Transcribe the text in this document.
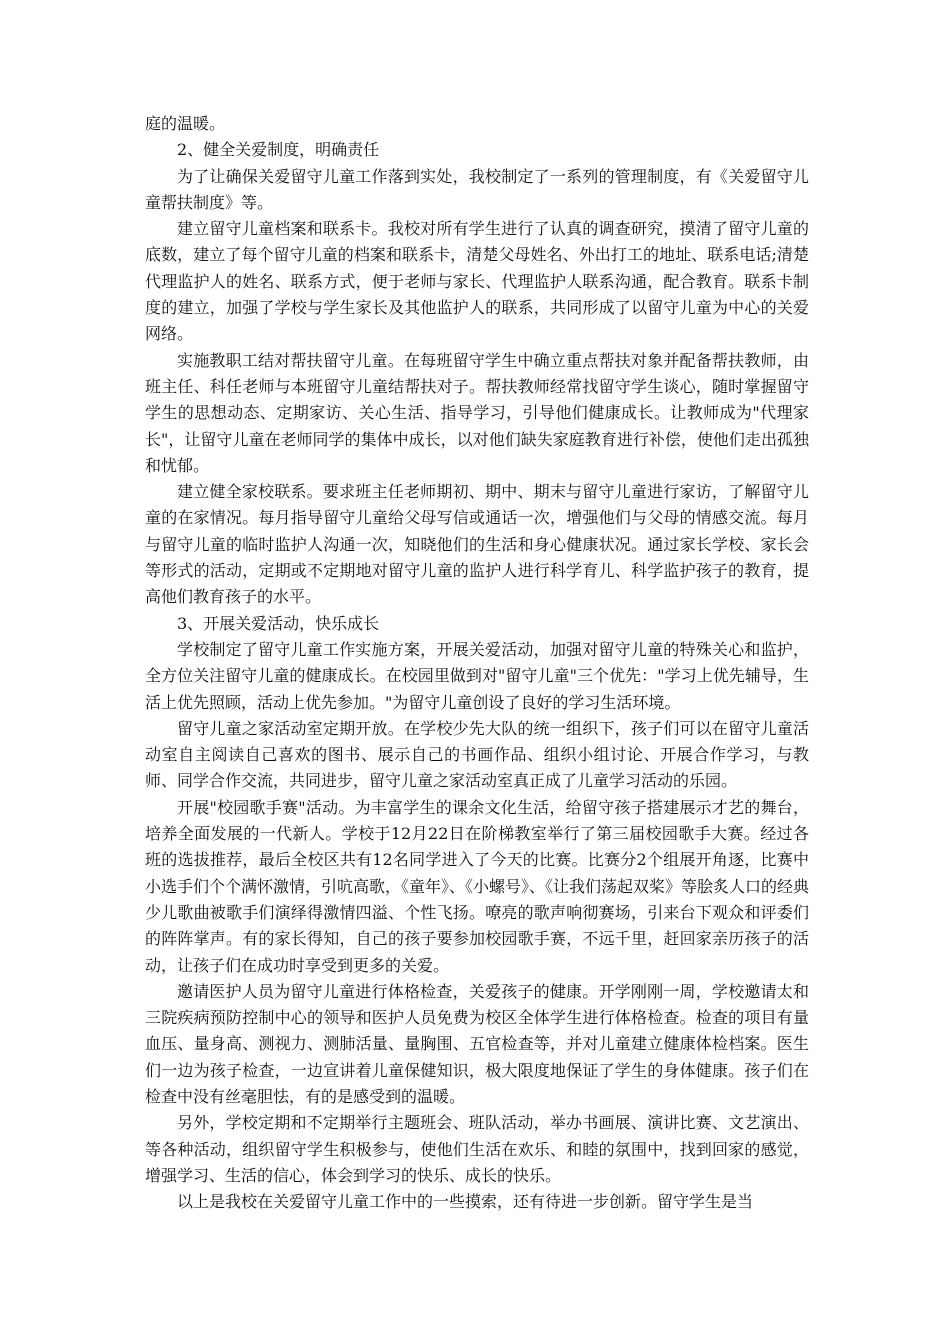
庭的温暖。

2、健全关爱制度，明确责任

为了让确保关爱留守儿童工作落到实处，我校制定了一系列的管理制度，有《关爱留守儿童帮扶制度》等。

建立留守儿童档案和联系卡。我校对所有学生进行了认真的调查研究，摸清了留守儿童的底数，建立了每个留守儿童的档案和联系卡，清楚父母姓名、外出打工的地址、联系电话;清楚代理监护人的姓名、联系方式，便于老师与家长、代理监护人联系沟通，配合教育。联系卡制度的建立，加强了学校与学生家长及其他监护人的联系，共同形成了以留守儿童为中心的关爱网络。

实施教职工结对帮扶留守儿童。在每班留守学生中确立重点帮扶对象并配备帮扶教师，由班主任、科任老师与本班留守儿童结帮扶对子。帮扶教师经常找留守学生谈心，随时掌握留守学生的思想动态、定期家访、关心生活、指导学习，引导他们健康成长。让教师成为"代理家长"，让留守儿童在老师同学的集体中成长，以对他们缺失家庭教育进行补偿，使他们走出孤独和忧郁。

建立健全家校联系。要求班主任老师期初、期中、期末与留守儿童进行家访，了解留守儿童的在家情况。每月指导留守儿童给父母写信或通话一次，增强他们与父母的情感交流。每月与留守儿童的临时监护人沟通一次，知晓他们的生活和身心健康状况。通过家长学校、家长会等形式的活动，定期或不定期地对留守儿童的监护人进行科学育儿、科学监护孩子的教育，提高他们教育孩子的水平。

3、开展关爱活动，快乐成长

学校制定了留守儿童工作实施方案，开展关爱活动，加强对留守儿童的特殊关心和监护，全方位关注留守儿童的健康成长。在校园里做到对"留守儿童"三个优先："学习上优先辅导，生活上优先照顾，活动上优先参加。"为留守儿童创设了良好的学习生活环境。

留守儿童之家活动室定期开放。在学校少先大队的统一组织下，孩子们可以在留守儿童活动室自主阅读自己喜欢的图书、展示自己的书画作品、组织小组讨论、开展合作学习，与教师、同学合作交流，共同进步，留守儿童之家活动室真正成了儿童学习活动的乐园。

开展"校园歌手赛"活动。为丰富学生的课余文化生活，给留守孩子搭建展示才艺的舞台，培养全面发展的一代新人。学校于12月22日在阶梯教室举行了第三届校园歌手大赛。经过各班的选拔推荐，最后全校区共有12名同学进入了今天的比赛。比赛分2个组展开角逐，比赛中小选手们个个满怀激情，引吭高歌，《童年》、《小螺号》、《让我们荡起双桨》等脍炙人口的经典少儿歌曲被歌手们演绎得激情四溢、个性飞扬。嘹亮的歌声响彻赛场，引来台下观众和评委们的阵阵掌声。有的家长得知，自己的孩子要参加校园歌手赛，不远千里，赶回家亲历孩子的活动，让孩子们在成功时享受到更多的关爱。

邀请医护人员为留守儿童进行体格检查，关爱孩子的健康。开学刚刚一周，学校邀请太和三院疾病预防控制中心的领导和医护人员免费为校区全体学生进行体格检查。检查的项目有量血压、量身高、测视力、测肺活量、量胸围、五官检查等，并对儿童建立健康体检档案。医生们一边为孩子检查，一边宣讲着儿童保健知识，极大限度地保证了学生的身体健康。孩子们在检查中没有丝毫胆怯，有的是感受到的温暖。

另外，学校定期和不定期举行主题班会、班队活动，举办书画展、演讲比赛、文艺演出、等各种活动，组织留守学生积极参与，使他们生活在欢乐、和睦的氛围中，找到回家的感觉，增强学习、生活的信心，体会到学习的快乐、成长的快乐。

以上是我校在关爱留守儿童工作中的一些摸索，还有待进一步创新。留守学生是当
